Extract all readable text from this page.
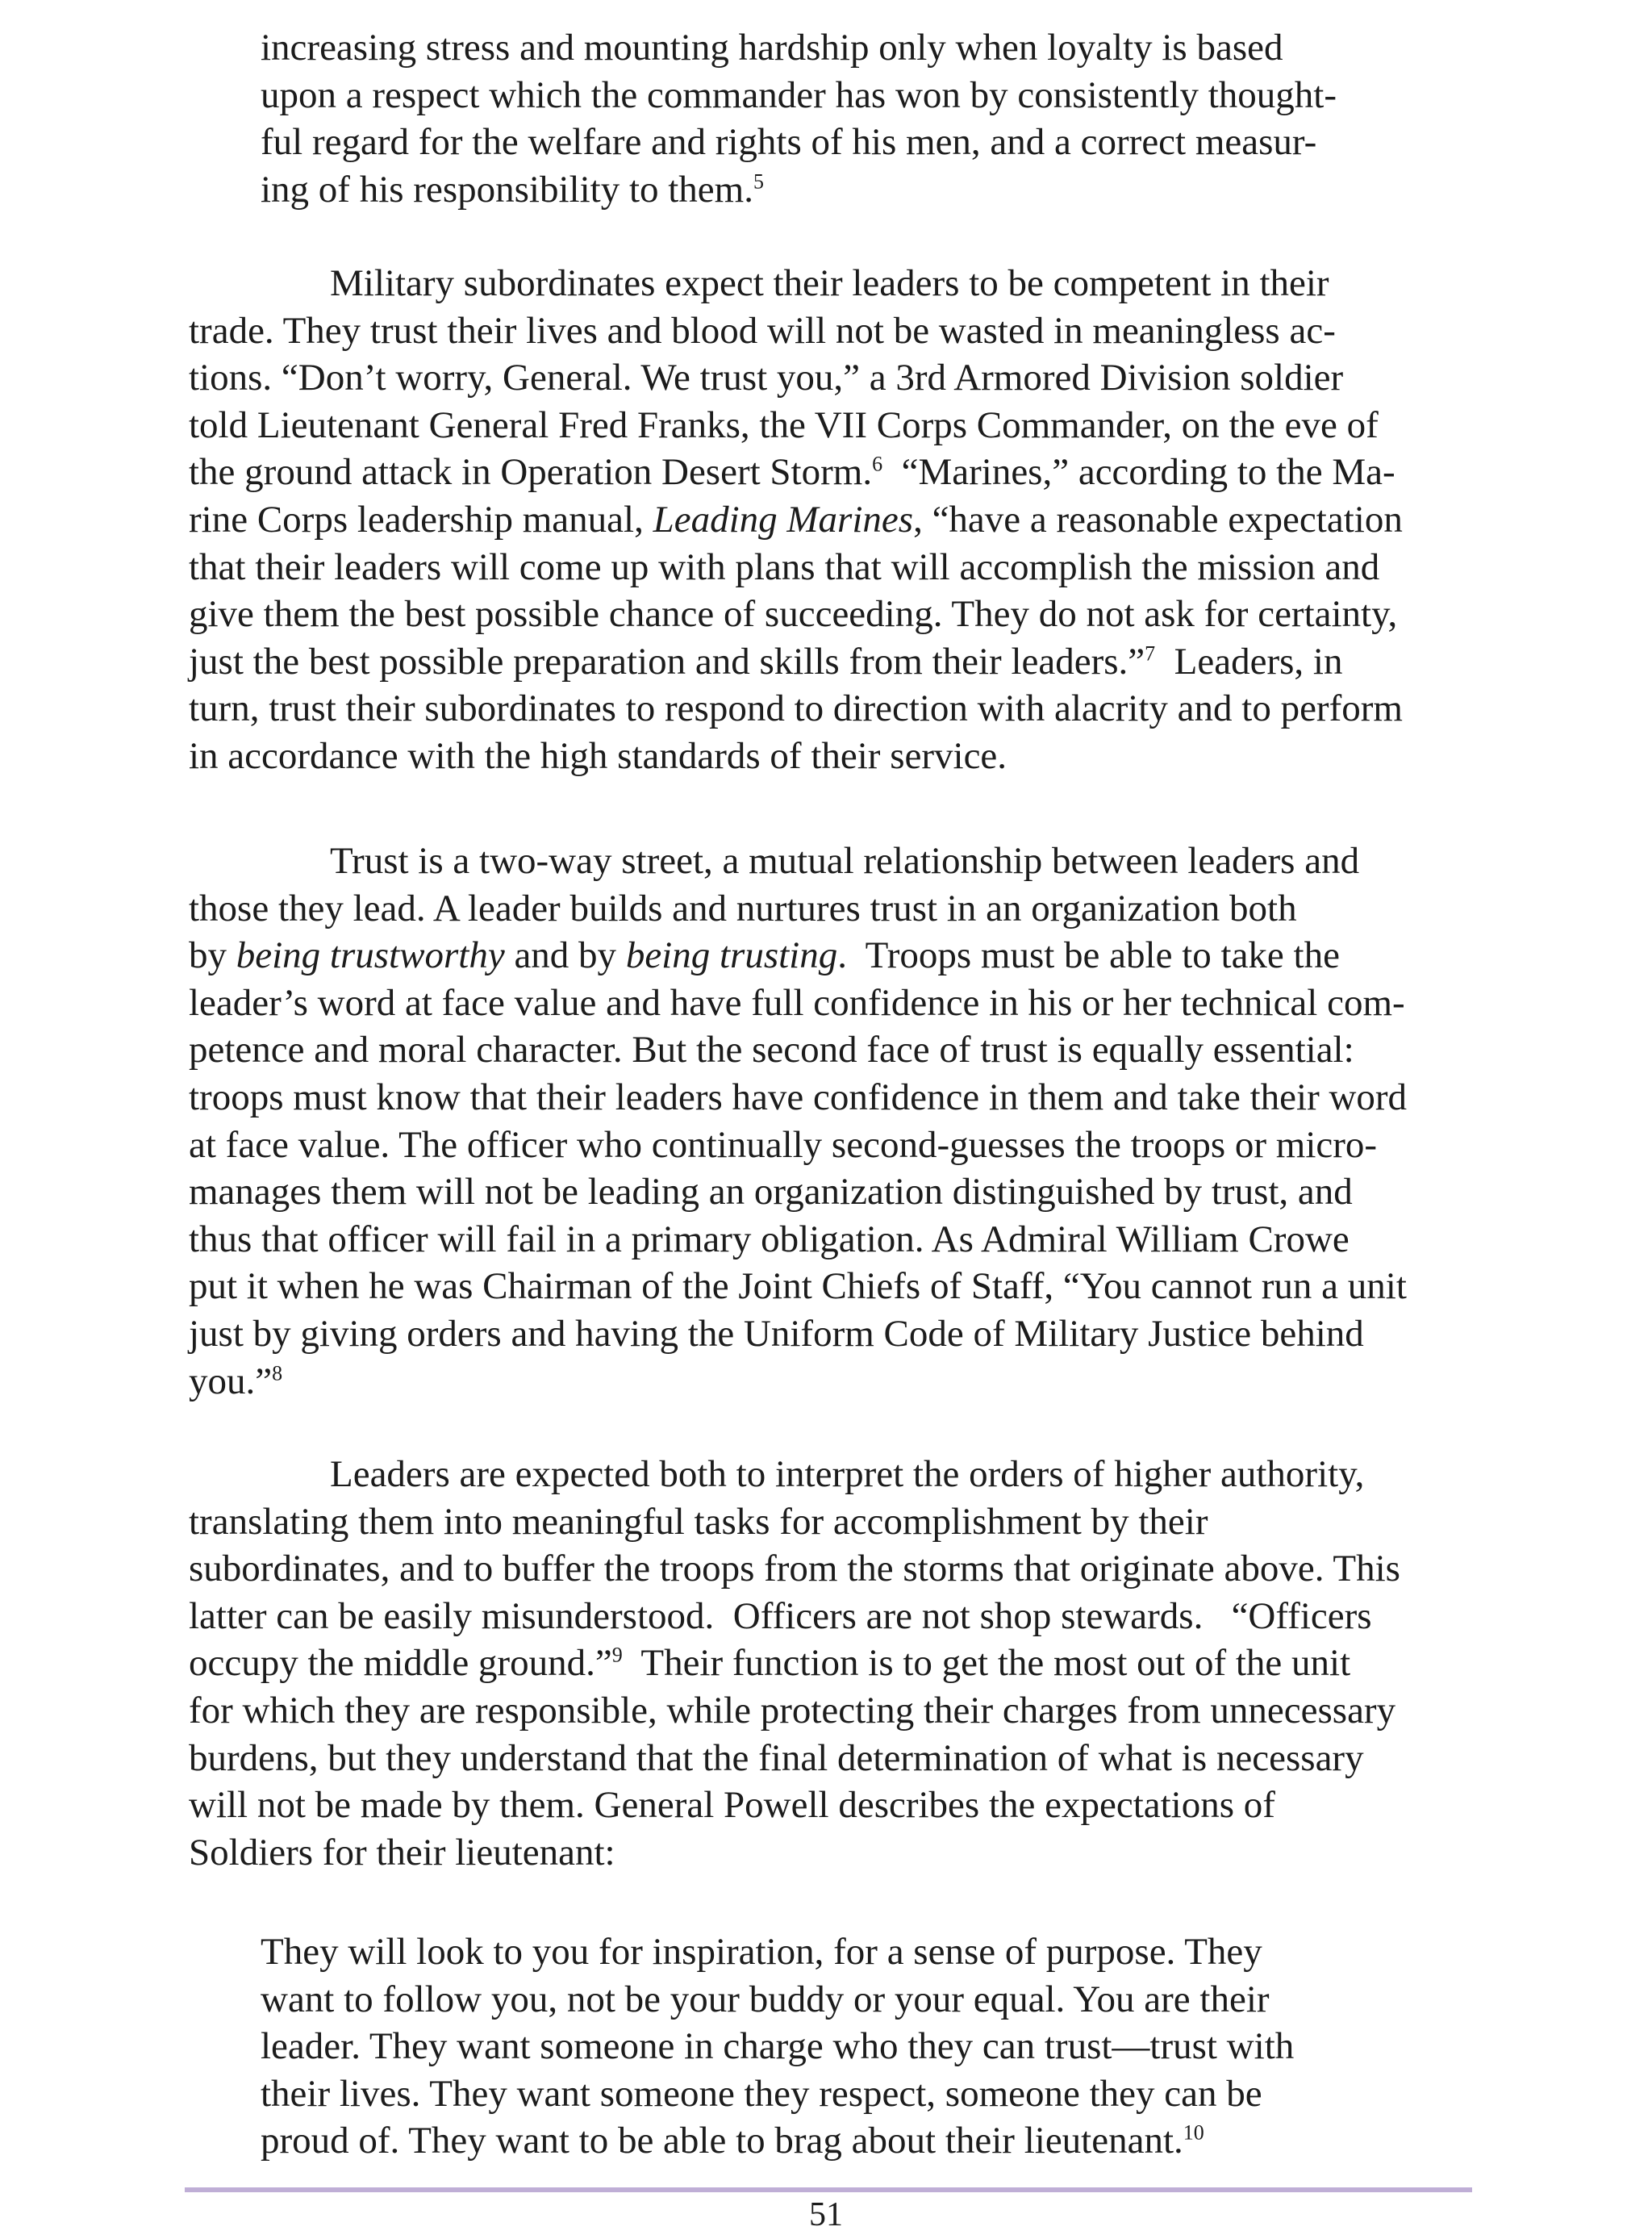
increasing stress and mounting hardship only when loyalty is based
upon a respect which the commander has won by consistently thought-
ful regard for the welfare and rights of his men, and a correct measur-
ing of his responsibility to them.$^5$
Military subordinates expect their leaders to be competent in their
trade. They trust their lives and blood will not be wasted in meaningless ac-
tions. “Don’t worry, General. We trust you,” a 3rd Armored Division soldier
told Lieutenant General Fred Franks, the VII Corps Commander, on the eve of
the ground attack in Operation Desert Storm.$^6$  “Marines,” according to the Ma-
rine Corps leadership manual, Leading Marines, “have a reasonable expectation
that their leaders will come up with plans that will accomplish the mission and
give them the best possible chance of succeeding. They do not ask for certainty,
just the best possible preparation and skills from their leaders.”$^7$  Leaders, in
turn, trust their subordinates to respond to direction with alacrity and to perform
in accordance with the high standards of their service.
Trust is a two-way street, a mutual relationship between leaders and
those they lead. A leader builds and nurtures trust in an organization both
by being trustworthy and by being trusting.  Troops must be able to take the
leader’s word at face value and have full confidence in his or her technical com-
petence and moral character. But the second face of trust is equally essential:
troops must know that their leaders have confidence in them and take their word
at face value. The officer who continually second-guesses the troops or micro-
manages them will not be leading an organization distinguished by trust, and
thus that officer will fail in a primary obligation. As Admiral William Crowe
put it when he was Chairman of the Joint Chiefs of Staff, “You cannot run a unit
just by giving orders and having the Uniform Code of Military Justice behind
you.”$^8$
Leaders are expected both to interpret the orders of higher authority,
translating them into meaningful tasks for accomplishment by their
subordinates, and to buffer the troops from the storms that originate above. This
latter can be easily misunderstood.  Officers are not shop stewards.   “Officers
occupy the middle ground.”$^9$  Their function is to get the most out of the unit
for which they are responsible, while protecting their charges from unnecessary
burdens, but they understand that the final determination of what is necessary
will not be made by them. General Powell describes the expectations of
Soldiers for their lieutenant:
They will look to you for inspiration, for a sense of purpose. They
want to follow you, not be your buddy or your equal. You are their
leader. They want someone in charge who they can trust—trust with
their lives. They want someone they respect, someone they can be
proud of. They want to be able to brag about their lieutenant.$^{10}$
51
